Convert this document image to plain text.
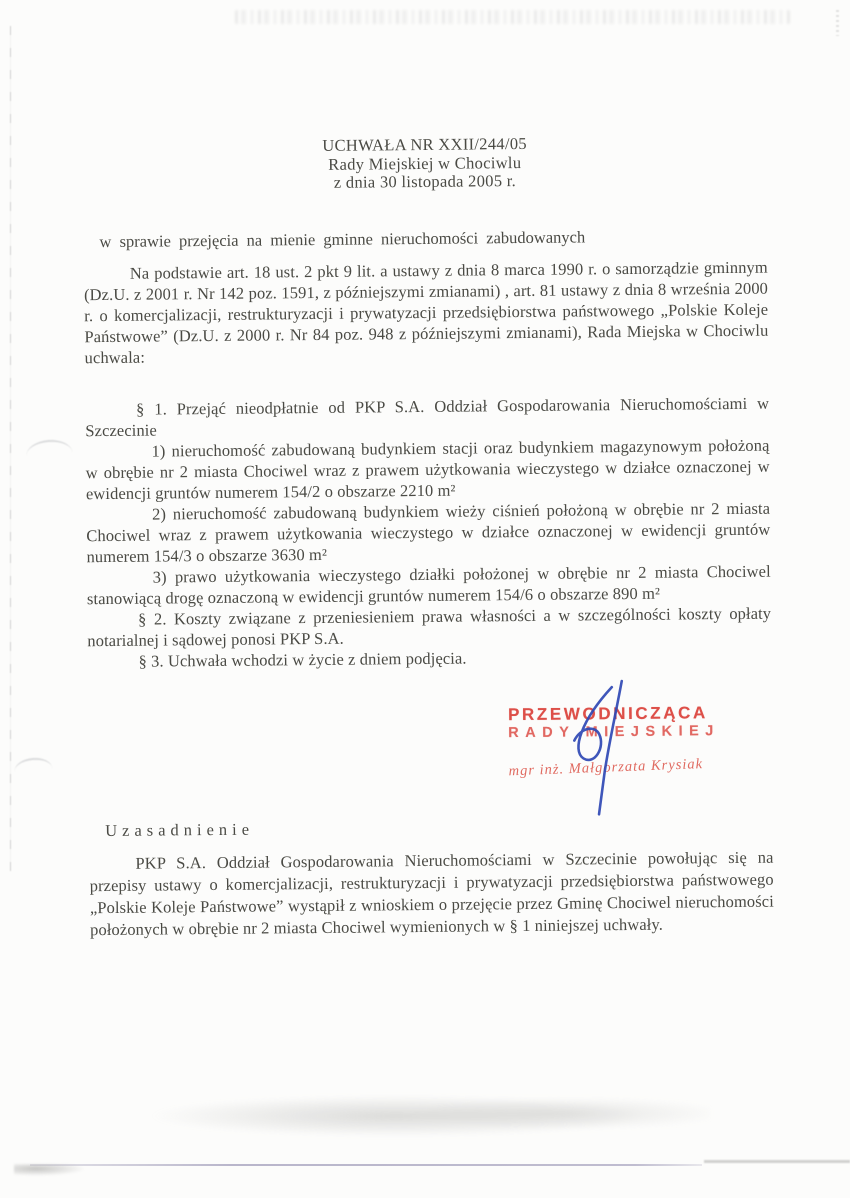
UCHWAŁA NR XXII/244/05
Rady Miejskiej w Chociwlu
z dnia 30 listopada 2005 r.
w sprawie przejęcia na mienie gminne nieruchomości zabudowanych

Na podstawie art. 18 ust. 2 pkt 9 lit. a ustawy z dnia 8 marca 1990 r. o samorządzie gminnym (Dz.U. z 2001 r. Nr 142 poz. 1591, z późniejszymi zmianami) , art. 81 ustawy z dnia 8 września 2000 r. o komercjalizacji, restrukturyzacji i prywatyzacji przedsiębiorstwa państwowego „Polskie Koleje Państwowe” (Dz.U. z 2000 r. Nr 84 poz. 948 z późniejszymi zmianami), Rada Miejska w Chociwlu uchwala:

§ 1. Przejąć nieodpłatnie od PKP S.A. Oddział Gospodarowania Nieruchomościami w Szczecinie

1) nieruchomość zabudowaną budynkiem stacji oraz budynkiem magazynowym położoną w obrębie nr 2 miasta Chociwel wraz z prawem użytkowania wieczystego w działce oznaczonej w ewidencji gruntów numerem 154/2 o obszarze 2210 m²

2) nieruchomość zabudowaną budynkiem wieży ciśnień położoną w obrębie nr 2 miasta Chociwel wraz z prawem użytkowania wieczystego w działce oznaczonej w ewidencji gruntów numerem 154/3 o obszarze 3630 m²

3) prawo użytkowania wieczystego działki położonej w obrębie nr 2 miasta Chociwel stanowiącą drogę oznaczoną w ewidencji gruntów numerem 154/6 o obszarze 890 m²

§ 2. Koszty związane z przeniesieniem prawa własności a w szczególności koszty opłaty notarialnej i sądowej ponosi PKP S.A.

§ 3. Uchwała wchodzi w życie z dniem podjęcia.

PRZEWODNICZĄCA
RADY MIEJSKIEJ
mgr inż. Małgorzata Krysiak
Uzasadnienie

PKP S.A. Oddział Gospodarowania Nieruchomościami w Szczecinie powołując się na przepisy ustawy o komercjalizacji, restrukturyzacji i prywatyzacji przedsiębiorstwa państwowego „Polskie Koleje Państwowe” wystąpił z wnioskiem o przejęcie przez Gminę Chociwel nieruchomości położonych w obrębie nr 2 miasta Chociwel wymienionych w § 1 niniejszej uchwały.
